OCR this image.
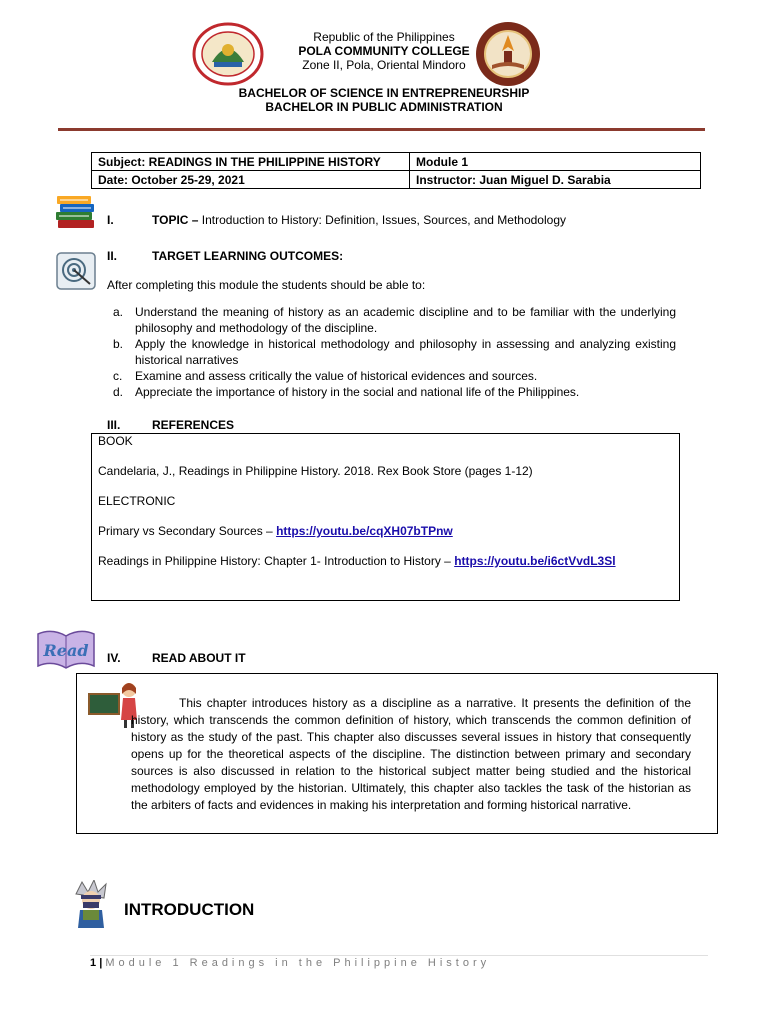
Republic of the Philippines
POLA COMMUNITY COLLEGE
Zone II, Pola, Oriental Mindoro
BACHELOR OF SCIENCE IN ENTREPRENEURSHIP
BACHELOR IN PUBLIC ADMINISTRATION
Subject: READINGS IN THE PHILIPPINE HISTORY	Module 1
Date: October 25-29, 2021	Instructor: Juan Miguel D. Sarabia
I.	TOPIC – Introduction to History: Definition, Issues, Sources, and Methodology
II.	TARGET LEARNING OUTCOMES:
After completing this module the students should be able to:
a. Understand the meaning of history as an academic discipline and to be familiar with the underlying philosophy and methodology of the discipline.
b. Apply the knowledge in historical methodology and philosophy in assessing and analyzing existing historical narratives
c. Examine and assess critically the value of historical evidences and sources.
d. Appreciate the importance of history in the social and national life of the Philippines.
III.	REFERENCES
BOOK
Candelaria, J., Readings in Philippine History. 2018. Rex Book Store (pages 1-12)
ELECTRONIC
Primary vs Secondary Sources – https://youtu.be/cqXH07bTPnw
Readings in Philippine History: Chapter 1- Introduction to History – https://youtu.be/i6ctVvdL3Sl
Read IV.	READ ABOUT IT
This chapter introduces history as a discipline as a narrative. It presents the definition of the history, which transcends the common definition of history, which transcends the common definition of history as the study of the past. This chapter also discusses several issues in history that consequently opens up for the theoretical aspects of the discipline. The distinction between primary and secondary sources is also discussed in relation to the historical subject matter being studied and the historical methodology employed by the historian. Ultimately, this chapter also tackles the task of the historian as the arbiters of facts and evidences in making his interpretation and forming historical narrative.
INTRODUCTION
1 | Module 1 Readings in the Philippine History
